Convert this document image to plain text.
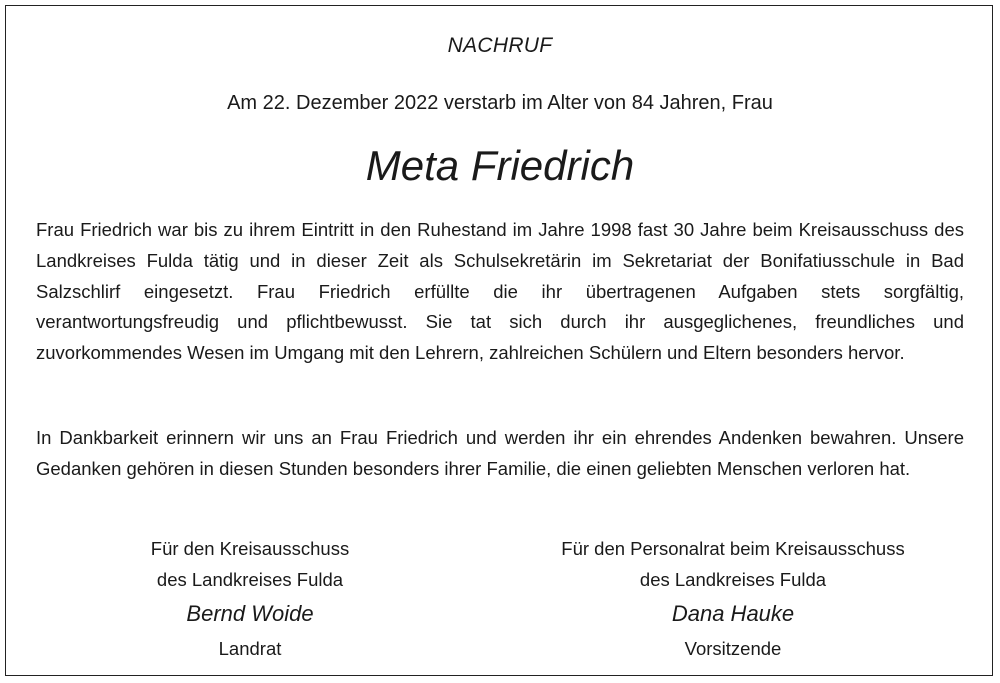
NACHRUF
Am 22. Dezember 2022 verstarb im Alter von 84 Jahren, Frau
Meta Friedrich

Frau Friedrich war bis zu ihrem Eintritt in den Ruhestand im Jahre 1998 fast 30 Jahre beim Kreisausschuss des Landkreises Fulda tätig und in dieser Zeit als Schulsekretärin im Sekretariat der Bonifatiusschule in Bad Salzschlirf eingesetzt. Frau Friedrich erfüllte die ihr übertragenen Aufgaben stets sorgfältig, verantwortungsfreudig und pflichtbewusst. Sie tat sich durch ihr ausgeglichenes, freundliches und zuvorkommendes Wesen im Umgang mit den Lehrern, zahlreichen Schülern und Eltern besonders hervor.

In Dankbarkeit erinnern wir uns an Frau Friedrich und werden ihr ein ehrendes Andenken bewahren. Unsere Gedanken gehören in diesen Stunden besonders ihrer Familie, die einen geliebten Menschen verloren hat.

Für den Kreisausschuss
des Landkreises Fulda
Bernd Woide
Landrat
Für den Personalrat beim Kreisausschuss
des Landkreises Fulda
Dana Hauke
Vorsitzende
